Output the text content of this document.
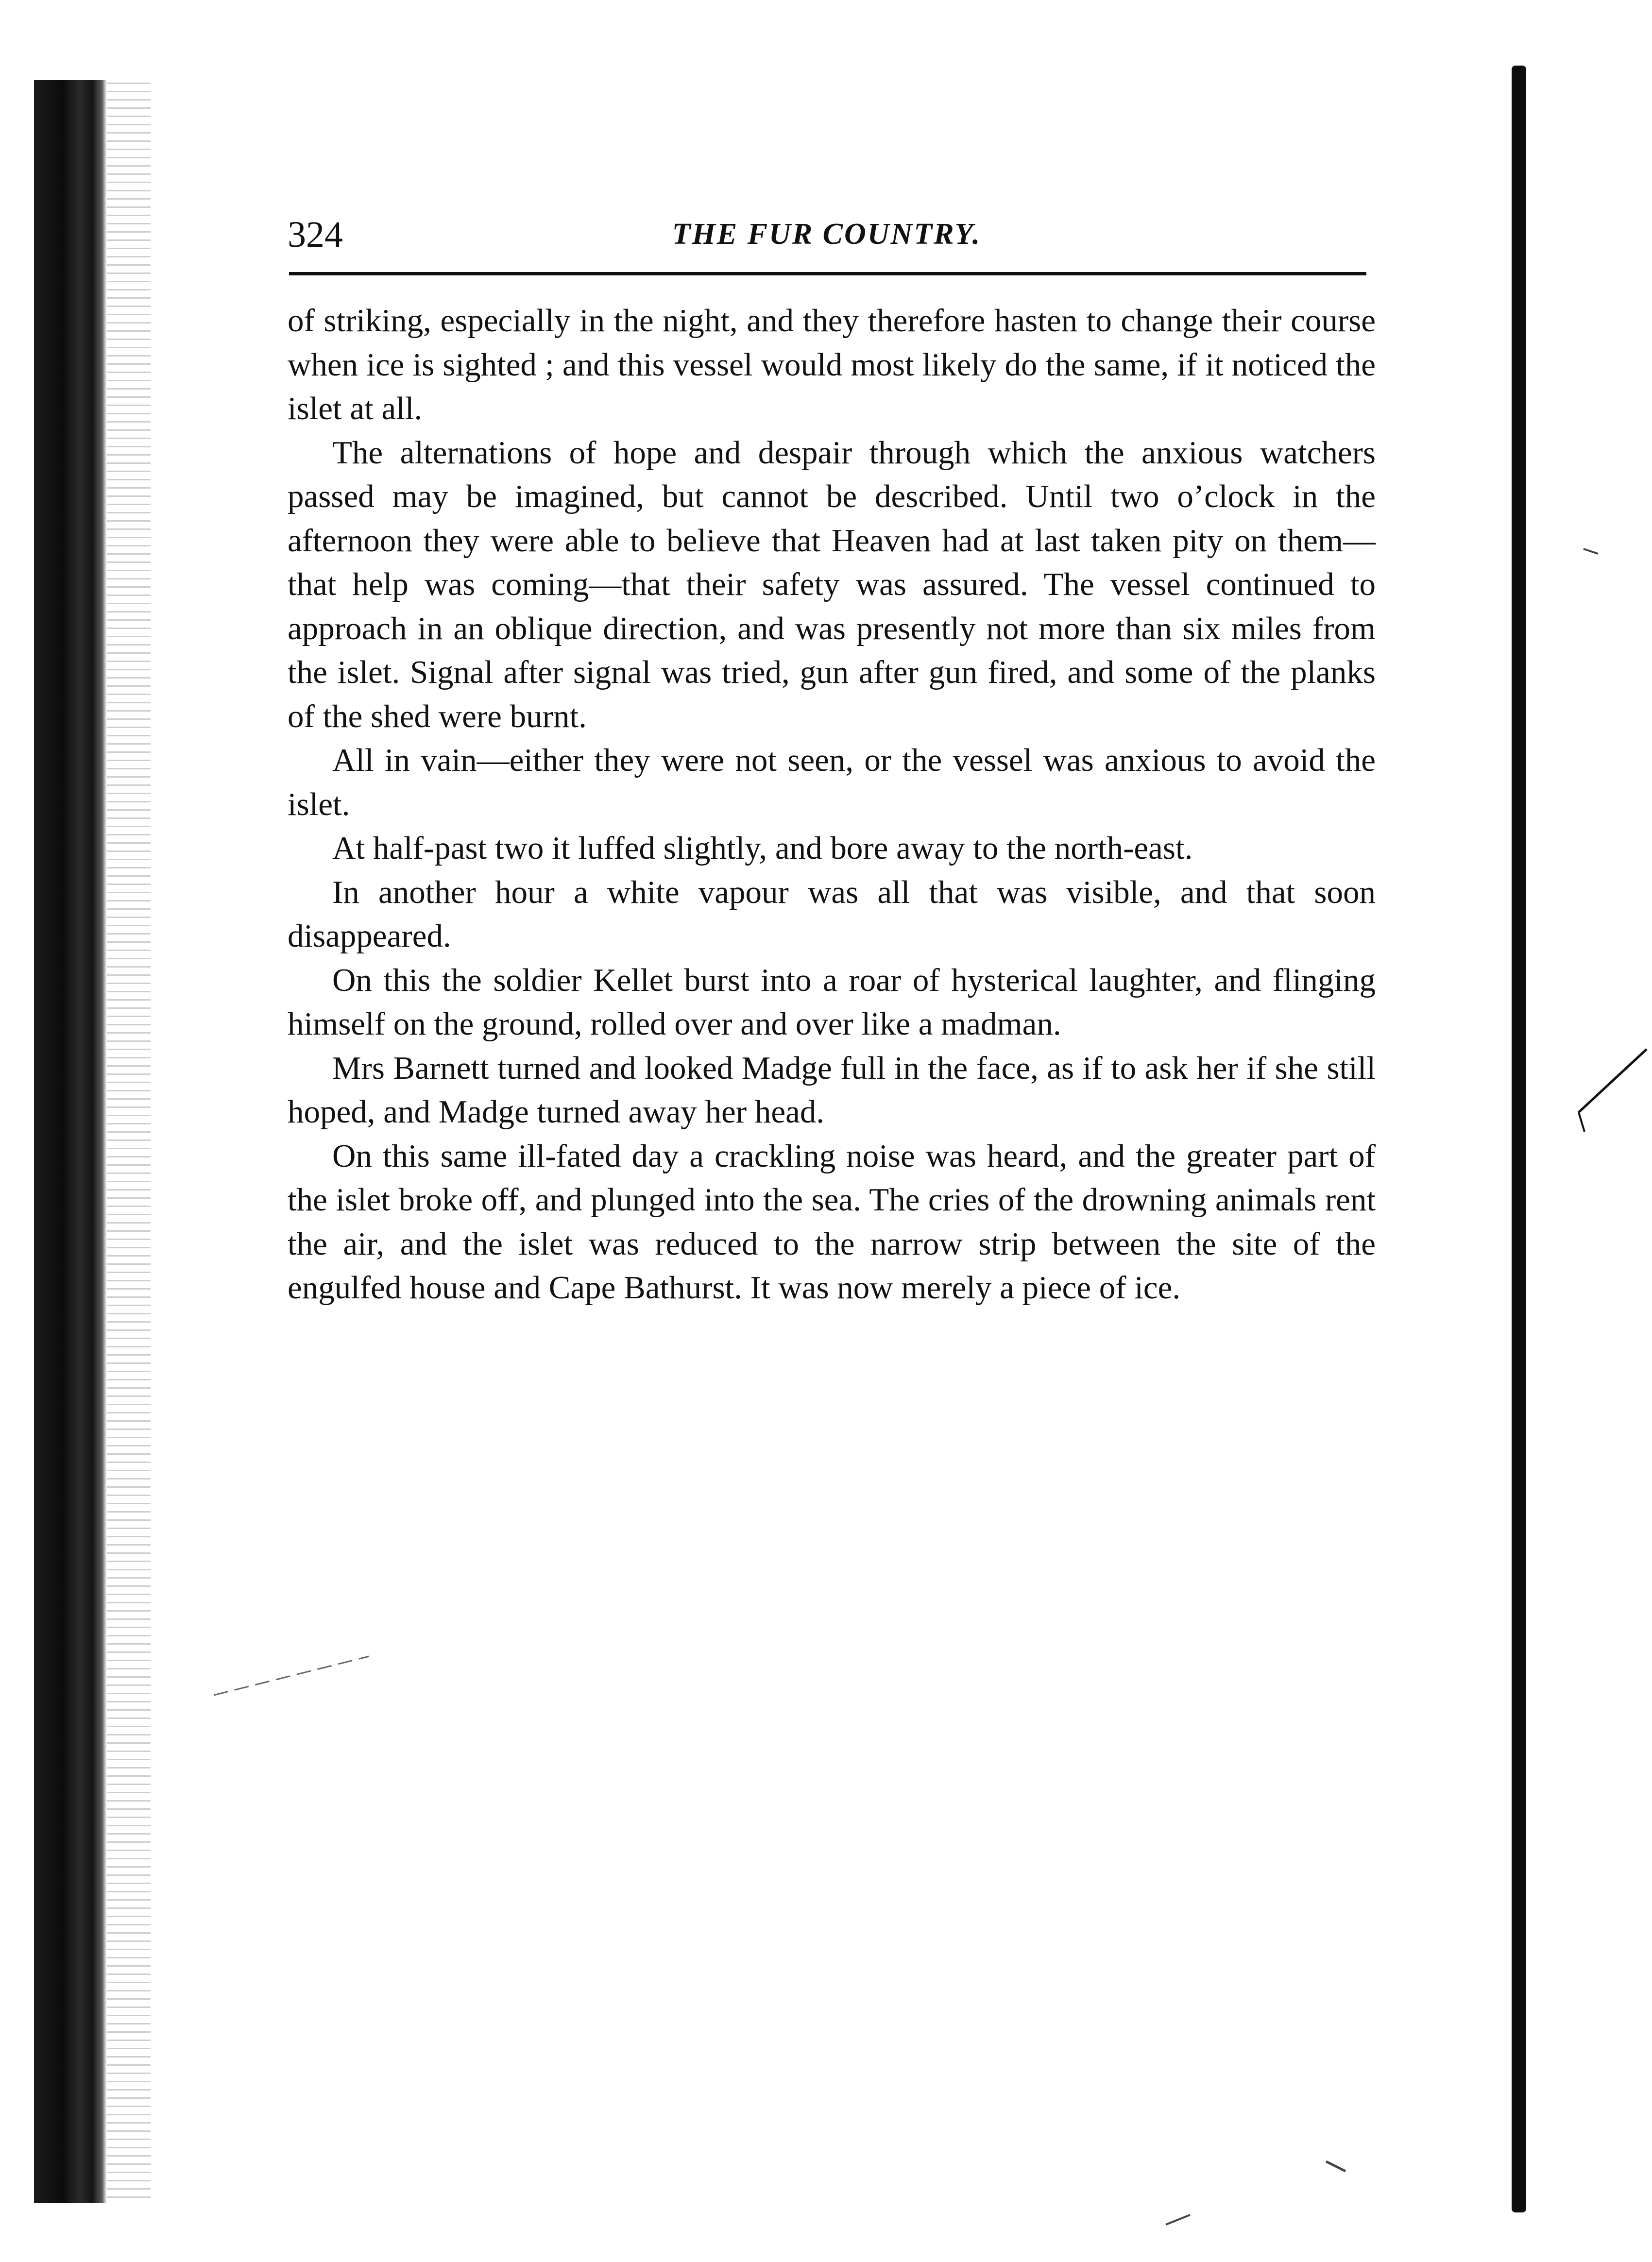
324	THE FUR COUNTRY.

of striking, especially in the night, and they therefore hasten to change their course when ice is sighted ; and this vessel would most likely do the same, if it noticed the islet at all.

The alternations of hope and despair through which the anxious watchers passed may be imagined, but cannot be described. Until two o’clock in the afternoon they were able to believe that Heaven had at last taken pity on them—that help was coming—that their safety was assured. The vessel continued to approach in an oblique direction, and was presently not more than six miles from the islet. Signal after signal was tried, gun after gun fired, and some of the planks of the shed were burnt.

All in vain—either they were not seen, or the vessel was anxious to avoid the islet.

At half-past two it luffed slightly, and bore away to the north-east.

In another hour a white vapour was all that was visible, and that soon disappeared.

On this the soldier Kellet burst into a roar of hysterical laughter, and flinging himself on the ground, rolled over and over like a madman.

Mrs Barnett turned and looked Madge full in the face, as if to ask her if she still hoped, and Madge turned away her head.

On this same ill-fated day a crackling noise was heard, and the greater part of the islet broke off, and plunged into the sea. The cries of the drowning animals rent the air, and the islet was reduced to the narrow strip between the site of the engulfed house and Cape Bathurst. It was now merely a piece of ice.
